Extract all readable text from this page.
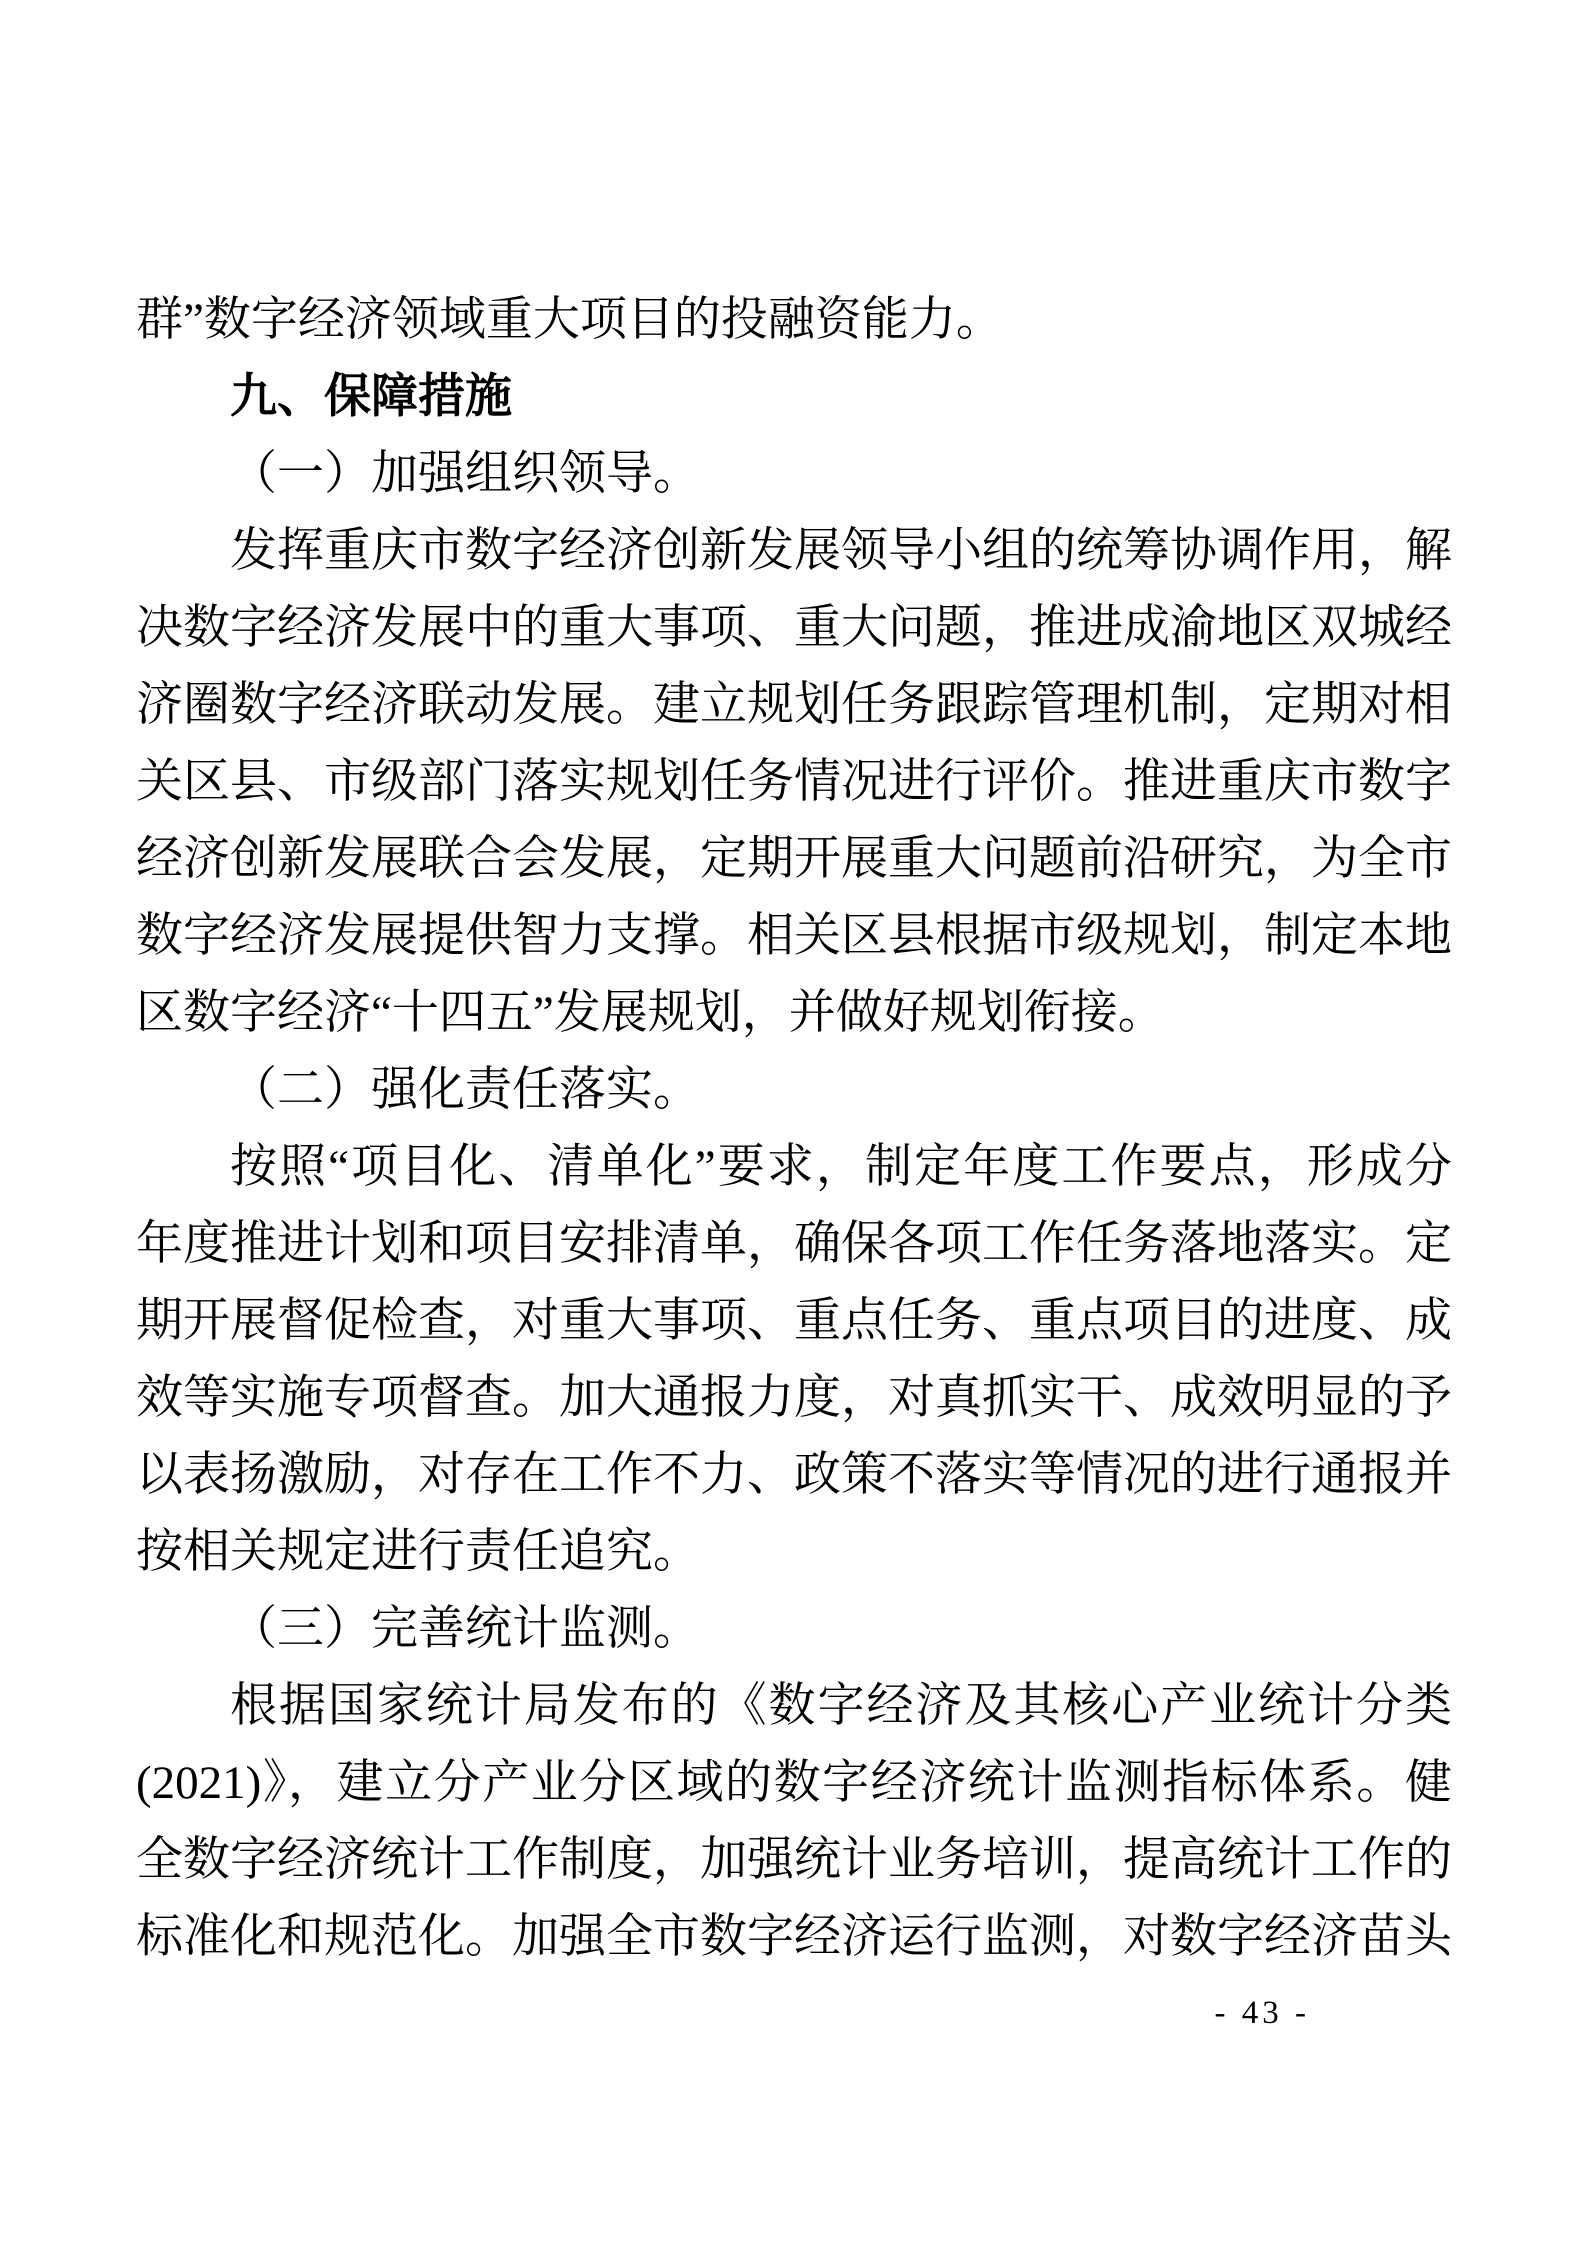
群”数字经济领域重大项目的投融资能力。
九、保障措施
（一）加强组织领导。
发挥重庆市数字经济创新发展领导小组的统筹协调作用，解
决数字经济发展中的重大事项、重大问题，推进成渝地区双城经
济圈数字经济联动发展。建立规划任务跟踪管理机制，定期对相
关区县、市级部门落实规划任务情况进行评价。推进重庆市数字
经济创新发展联合会发展，定期开展重大问题前沿研究，为全市
数字经济发展提供智力支撑。相关区县根据市级规划，制定本地
区数字经济“十四五”发展规划，并做好规划衔接。
（二）强化责任落实。
按照“项目化、清单化”要求，制定年度工作要点，形成分
年度推进计划和项目安排清单，确保各项工作任务落地落实。定
期开展督促检查，对重大事项、重点任务、重点项目的进度、成
效等实施专项督查。加大通报力度，对真抓实干、成效明显的予
以表扬激励，对存在工作不力、政策不落实等情况的进行通报并
按相关规定进行责任追究。
（三）完善统计监测。
根据国家统计局发布的《数字经济及其核心产业统计分类
(2021)》，建立分产业分区域的数字经济统计监测指标体系。健
全数字经济统计工作制度，加强统计业务培训，提高统计工作的
标准化和规范化。加强全市数字经济运行监测，对数字经济苗头
- 43 -
